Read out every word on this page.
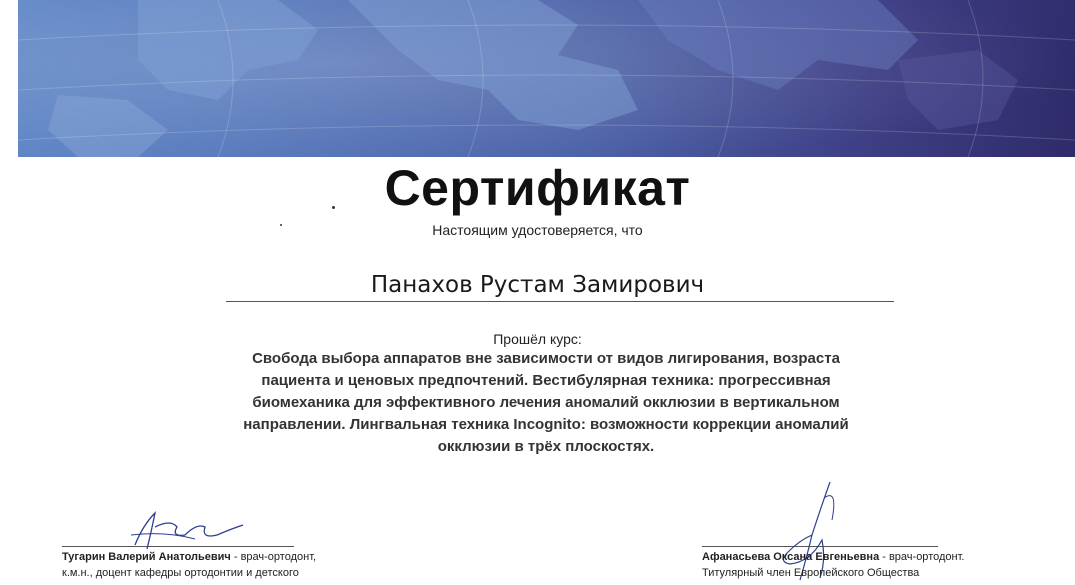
Сертификат
Настоящим удостоверяется, что
Панахов Рустам Замирович
Прошёл курс:
Свобода выбора аппаратов вне зависимости от видов лигирования, возраста
пациента и ценовых предпочтений. Вестибулярная техника: прогрессивная
биомеханика для эффективного лечения аномалий окклюзии в вертикальном
направлении. Лингвальная техника Incognito: возможности коррекции аномалий
окклюзии в трёх плоскостях.
Тугарин Валерий Анатольевич - врач-ортодонт,
к.м.н., доцент кафедры ортодонтии и детского
Афанасьева Оксана Евгеньевна - врач-ортодонт.
Титулярный член Европейского Общества
